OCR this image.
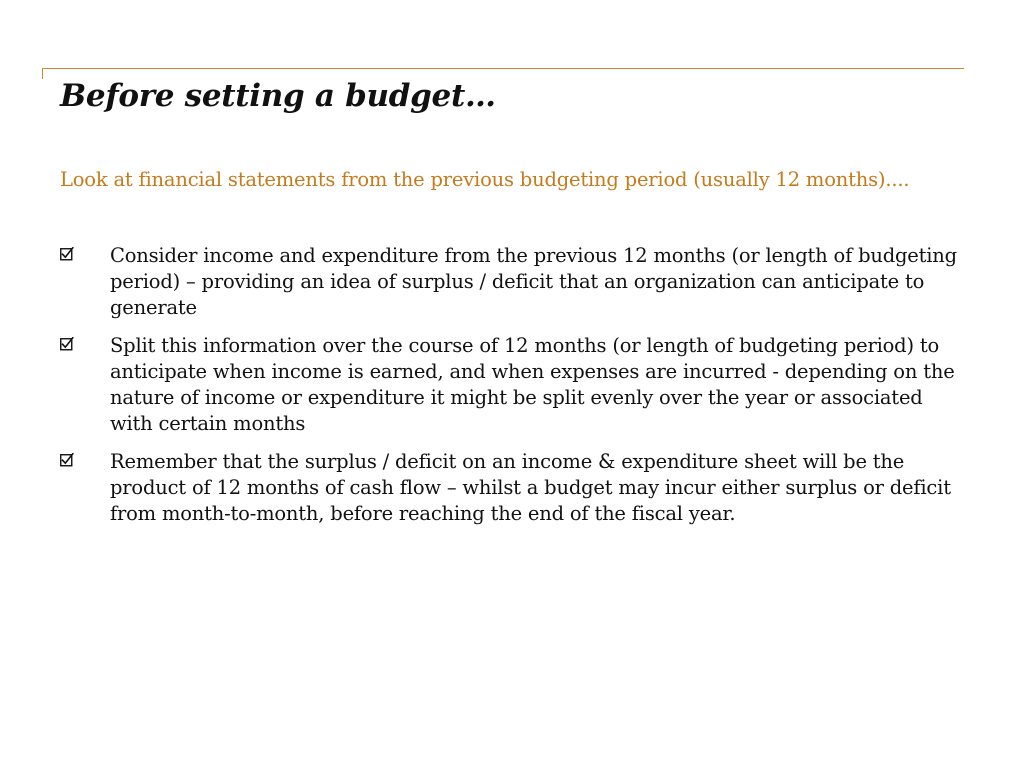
Before setting a budget…

Look at financial statements from the previous budgeting period (usually 12 months)....

Consider income and expenditure from the previous 12 months (or length of budgeting period) – providing an idea of surplus / deficit that an organization can anticipate to generate
Split this information over the course of 12 months (or length of budgeting period) to anticipate when income is earned, and when expenses are incurred - depending on the nature of income or expenditure it might be split evenly over the year or associated with certain months
Remember that the surplus / deficit on an income & expenditure sheet will be the product of 12 months of cash flow – whilst a budget may incur either surplus or deficit from month-to-month, before reaching the end of the fiscal year.
